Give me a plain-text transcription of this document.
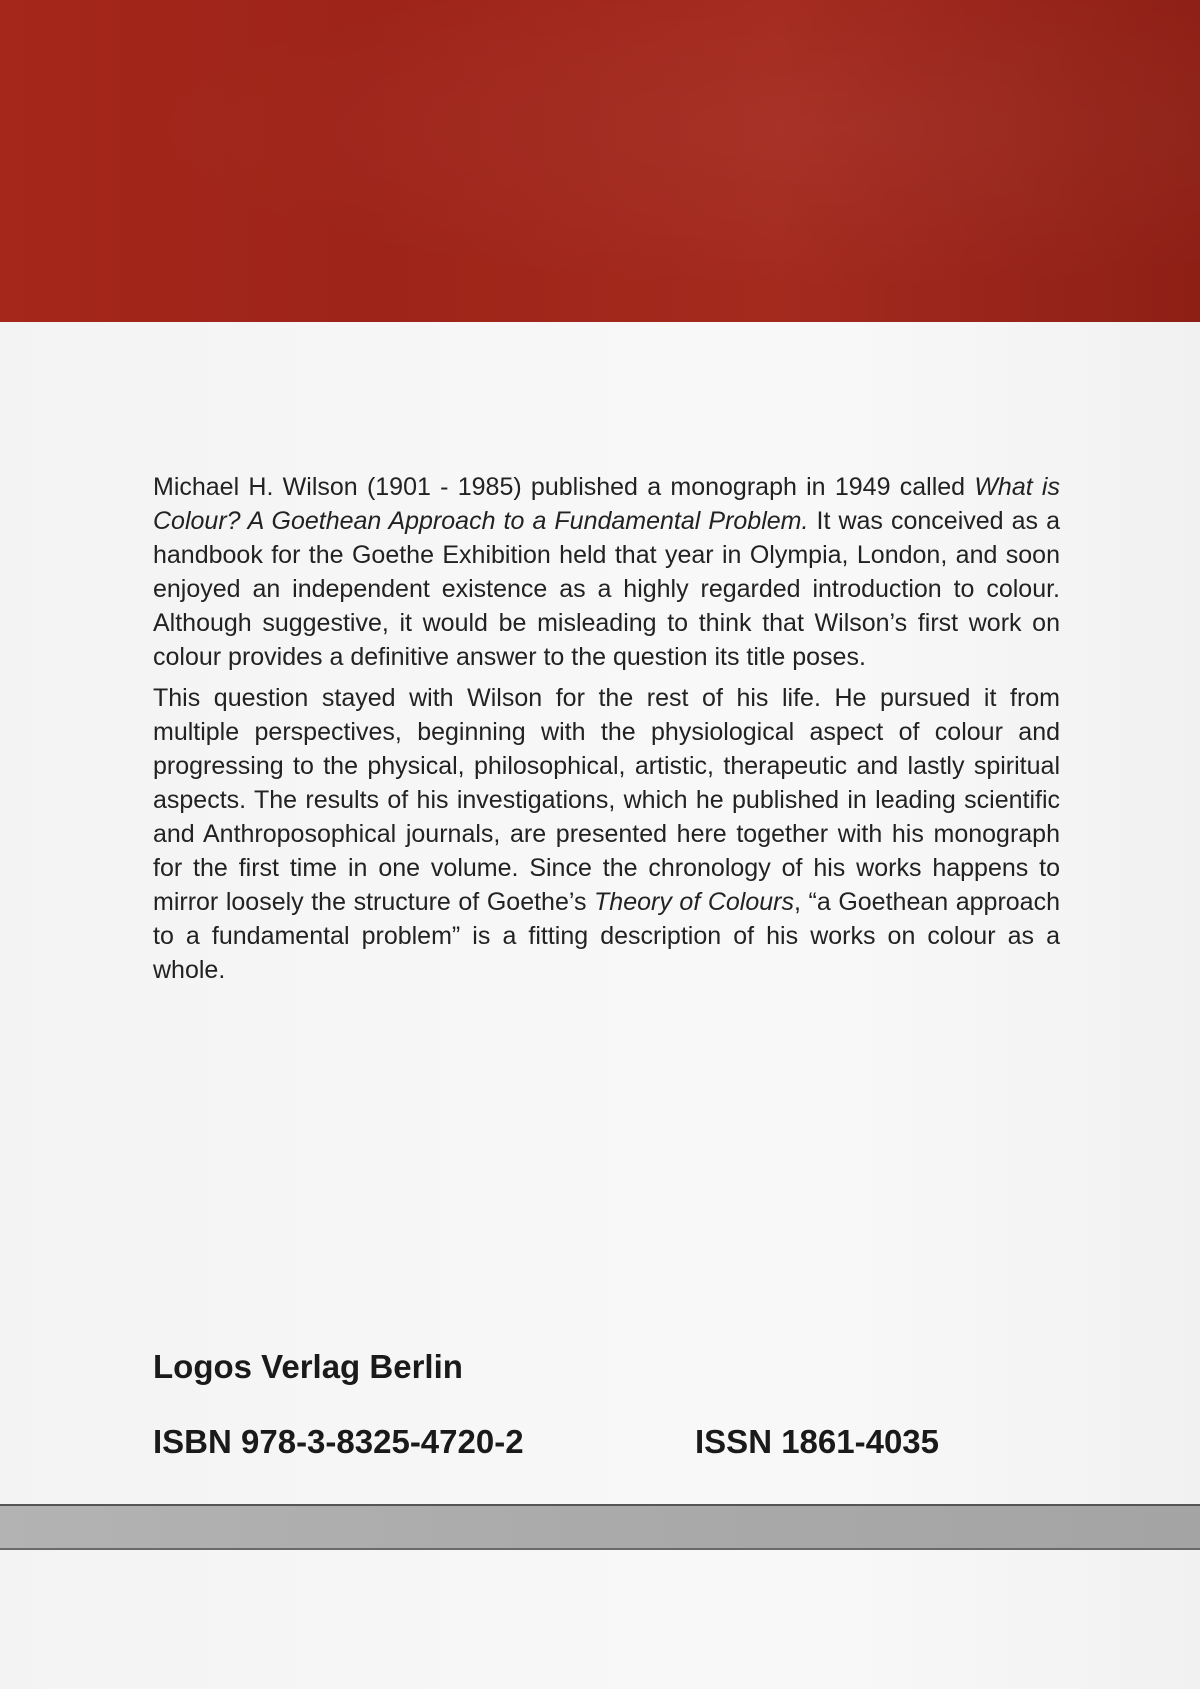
Michael H. Wilson (1901 - 1985) published a monograph in 1949 called What is Colour? A Goethean Approach to a Fundamental Problem. It was conceived as a handbook for the Goethe Exhibition held that year in Olympia, London, and soon enjoyed an independent existence as a highly regarded introduction to colour. Although suggestive, it would be misleading to think that Wilson’s first work on colour provides a definitive answer to the question its title poses.

This question stayed with Wilson for the rest of his life. He pursued it from multiple perspectives, beginning with the physiological aspect of colour and progressing to the physical, philosophical, artistic, therapeutic and lastly spiritual aspects. The results of his investigations, which he published in leading scientific and Anthroposophical journals, are presented here together with his monograph for the first time in one volume. Since the chronology of his works happens to mirror loosely the structure of Goethe’s Theory of Colours, “a Goethean approach to a fundamental problem” is a fitting description of his works on colour as a whole.

Logos Verlag Berlin
ISBN 978-3-8325-4720-2	ISSN 1861-4035
